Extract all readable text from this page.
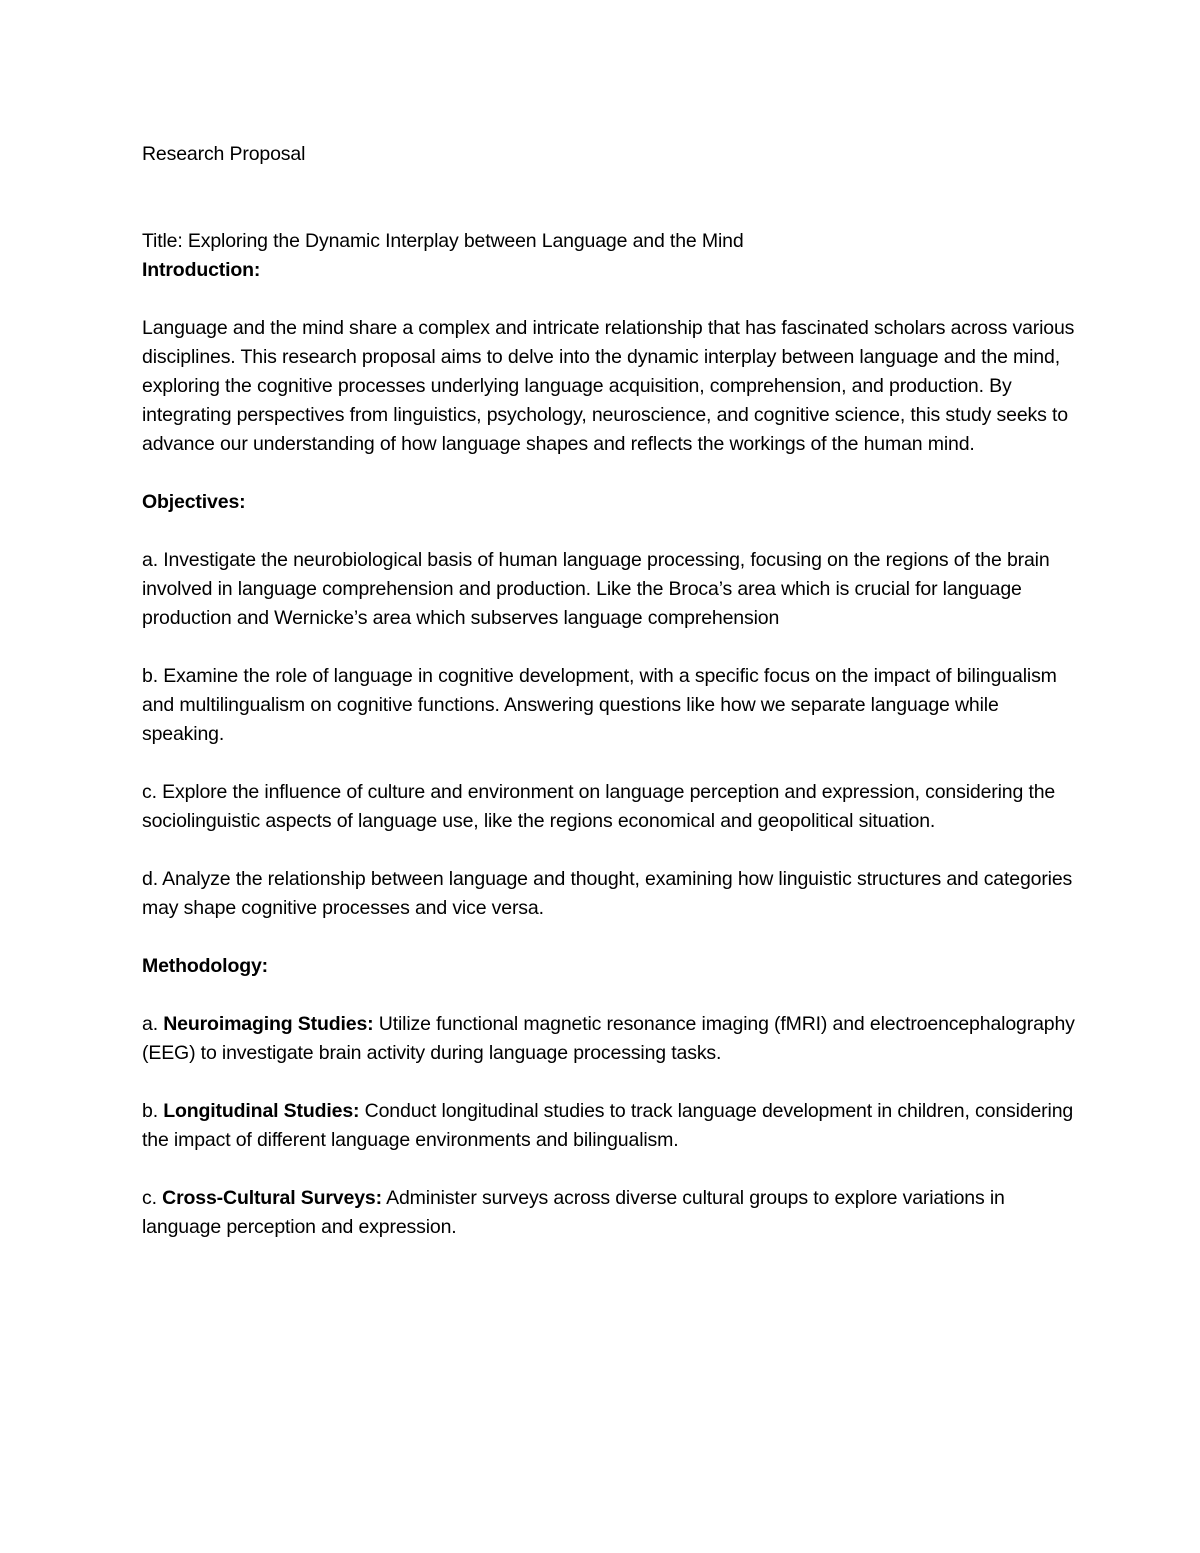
Research Proposal

Title: Exploring the Dynamic Interplay between Language and the Mind

Introduction:

Language and the mind share a complex and intricate relationship that has fascinated scholars across various disciplines. This research proposal aims to delve into the dynamic interplay between language and the mind, exploring the cognitive processes underlying language acquisition, comprehension, and production. By integrating perspectives from linguistics, psychology, neuroscience, and cognitive science, this study seeks to advance our understanding of how language shapes and reflects the workings of the human mind.

Objectives:

a. Investigate the neurobiological basis of human language processing, focusing on the regions of the brain involved in language comprehension and production. Like the Broca’s area which is crucial for language production and Wernicke’s area which subserves language comprehension

b. Examine the role of language in cognitive development, with a specific focus on the impact of bilingualism and multilingualism on cognitive functions. Answering questions like how we separate language while speaking.

c. Explore the influence of culture and environment on language perception and expression, considering the sociolinguistic aspects of language use, like the regions economical and geopolitical situation.

d. Analyze the relationship between language and thought, examining how linguistic structures and categories may shape cognitive processes and vice versa.

Methodology:

a. Neuroimaging Studies: Utilize functional magnetic resonance imaging (fMRI) and electroencephalography (EEG) to investigate brain activity during language processing tasks.

b. Longitudinal Studies: Conduct longitudinal studies to track language development in children, considering the impact of different language environments and bilingualism.

c. Cross-Cultural Surveys: Administer surveys across diverse cultural groups to explore variations in language perception and expression.
